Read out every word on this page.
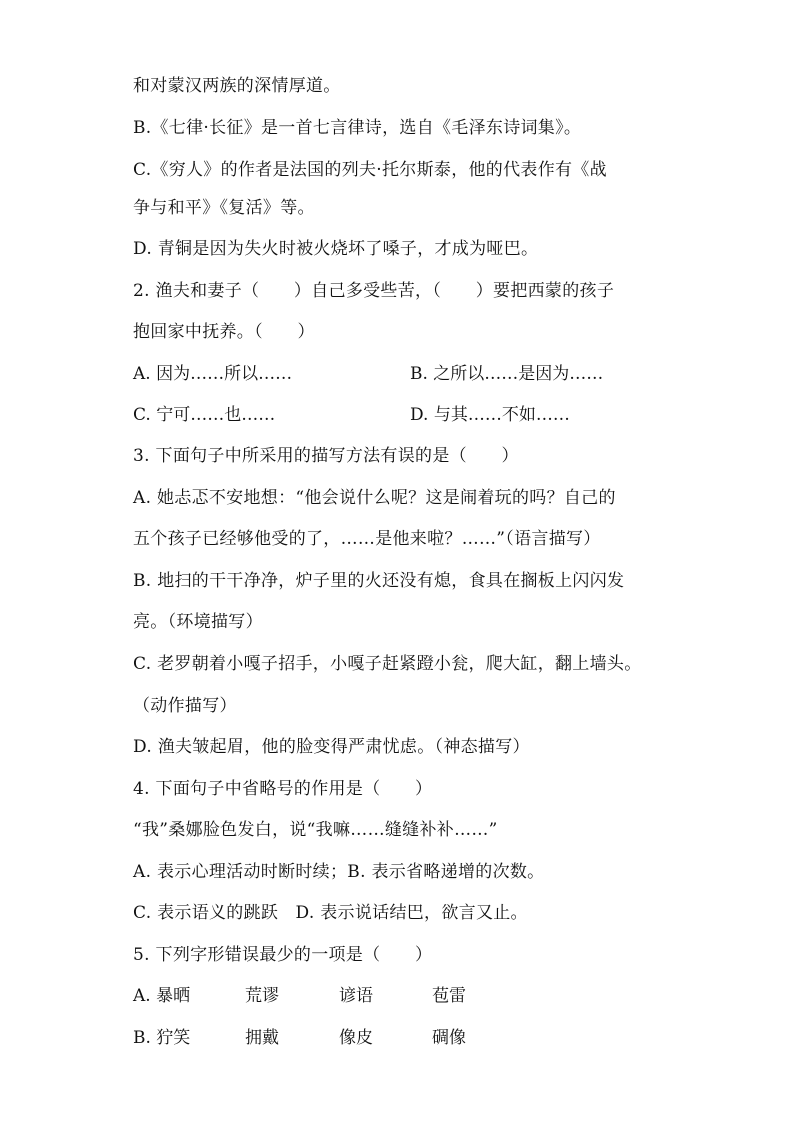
和对蒙汉两族的深情厚道。
B.《七律·长征》是一首七言律诗，选自《毛泽东诗词集》。
C.《穷人》的作者是法国的列夫·托尔斯泰，他的代表作有《战
争与和平》《复活》等。
D. 青铜是因为失火时被火烧坏了嗓子，才成为哑巴。
2. 渔夫和妻子（　　）自己多受些苦，（　　）要把西蒙的孩子
抱回家中抚养。（　　）
A. 因为……所以……	B. 之所以……是因为……
C. 宁可……也……	D. 与其……不如……
3. 下面句子中所采用的描写方法有误的是（　　）
A. 她忐忑不安地想：“他会说什么呢？这是闹着玩的吗？自己的
五个孩子已经够他受的了，……是他来啦？……”（语言描写）
B. 地扫的干干净净，炉子里的火还没有熄，食具在搁板上闪闪发
亮。（环境描写）
C. 老罗朝着小嘎子招手，小嘎子赶紧蹬小瓮，爬大缸，翻上墙头。
（动作描写）
D. 渔夫皱起眉，他的脸变得严肃忧虑。（神态描写）
4. 下面句子中省略号的作用是（　　）
“我”桑娜脸色发白，说“我嘛……缝缝补补……”
A. 表示心理活动时断时续；B. 表示省略递增的次数。
C. 表示语义的跳跃　D. 表示说话结巴，欲言又止。
5. 下列字形错误最少的一项是（　　）
A. 暴晒	荒谬	谚语	苞雷
B. 狞笑	拥戴	像皮	碉像
